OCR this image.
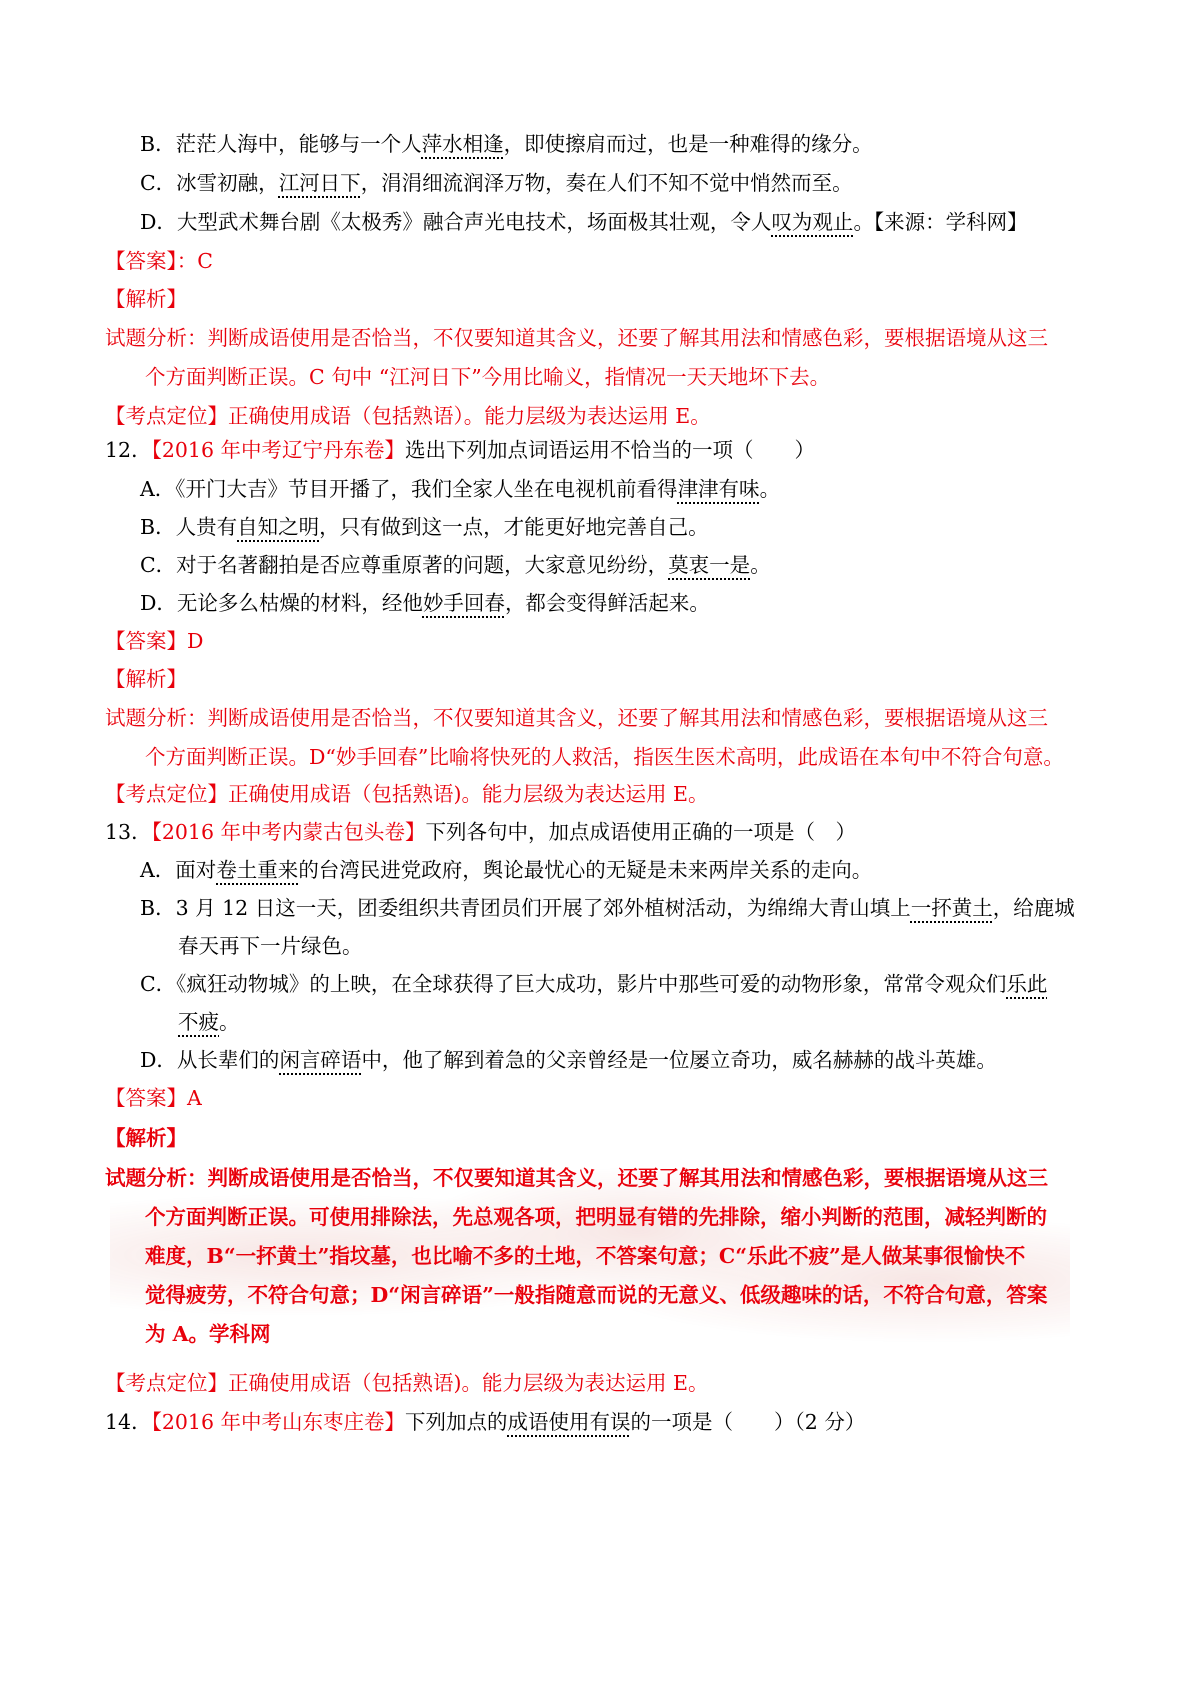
B．茫茫人海中，能够与一个人萍水相逢，即使擦肩而过，也是一种难得的缘分。
C．冰雪初融，江河日下，涓涓细流润泽万物，奏在人们不知不觉中悄然而至。
D．大型武术舞台剧《太极秀》融合声光电技术，场面极其壮观，令人叹为观止。【来源：学科网】
【答案】：C
【解析】
试题分析：判断成语使用是否恰当，不仅要知道其含义，还要了解其用法和情感色彩，要根据语境从这三
个方面判断正误。C 句中 “江河日下”今用比喻义，指情况一天天地坏下去。
【考点定位】正确使用成语（包括熟语）。能力层级为表达运用 E。
12．【2016 年中考辽宁丹东卷】选出下列加点词语运用不恰当的一项（　　）
A．《开门大吉》节目开播了，我们全家人坐在电视机前看得津津有味。
B．人贵有自知之明，只有做到这一点，才能更好地完善自己。
C．对于名著翻拍是否应尊重原著的问题，大家意见纷纷，莫衷一是。
D．无论多么枯燥的材料，经他妙手回春，都会变得鲜活起来。
【答案】D
【解析】
试题分析：判断成语使用是否恰当，不仅要知道其含义，还要了解其用法和情感色彩，要根据语境从这三
个方面判断正误。D“妙手回春”比喻将快死的人救活，指医生医术高明，此成语在本句中不符合句意。
【考点定位】正确使用成语（包括熟语)。能力层级为表达运用 E。
13．【2016 年中考内蒙古包头卷】下列各句中，加点成语使用正确的一项是（　）
A．面对卷土重来的台湾民进党政府，舆论最忧心的无疑是未来两岸关系的走向。
B．3 月 12 日这一天，团委组织共青团员们开展了郊外植树活动，为绵绵大青山填上一抔黄土，给鹿城
春天再下一片绿色。
C．《疯狂动物城》的上映，在全球获得了巨大成功，影片中那些可爱的动物形象，常常令观众们乐此
不疲。
D．从长辈们的闲言碎语中，他了解到着急的父亲曾经是一位屡立奇功，威名赫赫的战斗英雄。
【答案】A
【解析】
试题分析：判断成语使用是否恰当，不仅要知道其含义，还要了解其用法和情感色彩，要根据语境从这三
个方面判断正误。可使用排除法，先总观各项，把明显有错的先排除，缩小判断的范围，减轻判断的
难度，B“一抔黄土”指坟墓，也比喻不多的土地，不答案句意；C“乐此不疲”是人做某事很愉快不
觉得疲劳，不符合句意；D“闲言碎语”一般指随意而说的无意义、低级趣味的话，不符合句意，答案
为 A。学科网
【考点定位】正确使用成语（包括熟语)。能力层级为表达运用 E。
14．【2016 年中考山东枣庄卷】下列加点的成语使用有误的一项是（　　）（2 分）
